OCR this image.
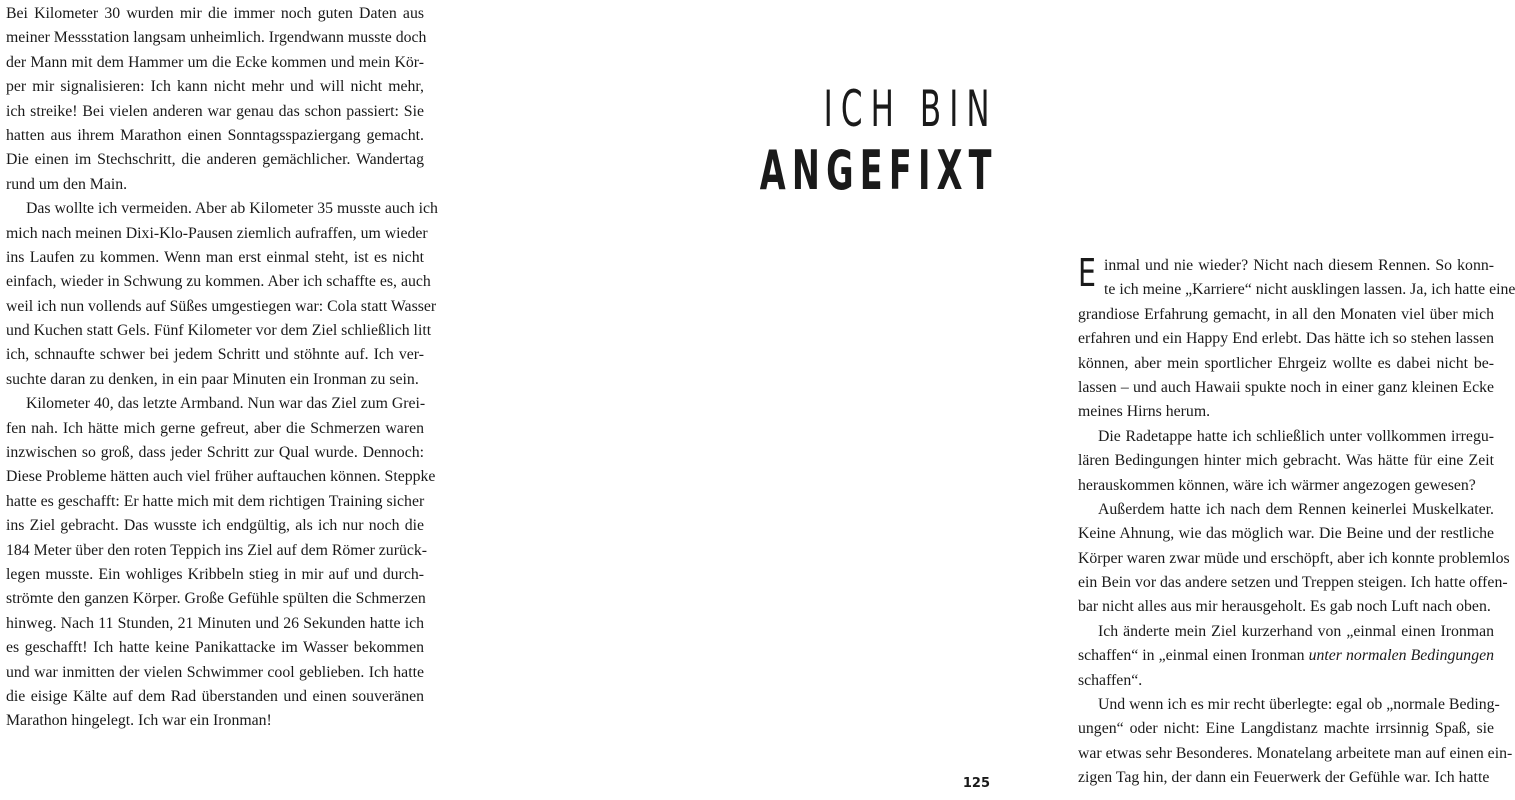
Bei Kilometer 30 wurden mir die immer noch guten Daten aus
meiner Messstation langsam unheimlich. Irgendwann musste doch
der Mann mit dem Hammer um die Ecke kommen und mein Kör-
per mir signalisieren: Ich kann nicht mehr und will nicht mehr,
ich streike! Bei vielen anderen war genau das schon passiert: Sie
hatten aus ihrem Marathon einen Sonntagsspaziergang gemacht.
Die einen im Stechschritt, die anderen gemächlicher. Wandertag
rund um den Main.
Das wollte ich vermeiden. Aber ab Kilometer 35 musste auch ich
mich nach meinen Dixi-Klo-Pausen ziemlich aufraffen, um wieder
ins Laufen zu kommen. Wenn man erst einmal steht, ist es nicht
einfach, wieder in Schwung zu kommen. Aber ich schaffte es, auch
weil ich nun vollends auf Süßes umgestiegen war: Cola statt Wasser
und Kuchen statt Gels. Fünf Kilometer vor dem Ziel schließlich litt
ich, schnaufte schwer bei jedem Schritt und stöhnte auf. Ich ver-
suchte daran zu denken, in ein paar Minuten ein Ironman zu sein.
Kilometer 40, das letzte Armband. Nun war das Ziel zum Grei-
fen nah. Ich hätte mich gerne gefreut, aber die Schmerzen waren
inzwischen so groß, dass jeder Schritt zur Qual wurde. Dennoch:
Diese Probleme hätten auch viel früher auftauchen können. Steppke
hatte es geschafft: Er hatte mich mit dem richtigen Training sicher
ins Ziel gebracht. Das wusste ich endgültig, als ich nur noch die
184 Meter über den roten Teppich ins Ziel auf dem Römer zurück-
legen musste. Ein wohliges Kribbeln stieg in mir auf und durch-
strömte den ganzen Körper. Große Gefühle spülten die Schmerzen
hinweg. Nach 11 Stunden, 21 Minuten und 26 Sekunden hatte ich
es geschafft! Ich hatte keine Panikattacke im Wasser bekommen
und war inmitten der vielen Schwimmer cool geblieben. Ich hatte
die eisige Kälte auf dem Rad überstanden und einen souveränen
Marathon hingelegt. Ich war ein Ironman!
ICH BIN
ANGEFIXT
Einmal und nie wieder? Nicht nach diesem Rennen. So konn-
te ich meine „Karriere“ nicht ausklingen lassen. Ja, ich hatte eine
grandiose Erfahrung gemacht, in all den Monaten viel über mich
erfahren und ein Happy End erlebt. Das hätte ich so stehen lassen
können, aber mein sportlicher Ehrgeiz wollte es dabei nicht be-
lassen – und auch Hawaii spukte noch in einer ganz kleinen Ecke
meines Hirns herum.
Die Radetappe hatte ich schließlich unter vollkommen irregu-
lären Bedingungen hinter mich gebracht. Was hätte für eine Zeit
herauskommen können, wäre ich wärmer angezogen gewesen?
Außerdem hatte ich nach dem Rennen keinerlei Muskelkater.
Keine Ahnung, wie das möglich war. Die Beine und der restliche
Körper waren zwar müde und erschöpft, aber ich konnte problemlos
ein Bein vor das andere setzen und Treppen steigen. Ich hatte offen-
bar nicht alles aus mir herausgeholt. Es gab noch Luft nach oben.
Ich änderte mein Ziel kurzerhand von „einmal einen Ironman
schaffen“ in „einmal einen Ironman unter normalen Bedingungen
schaffen“.
Und wenn ich es mir recht überlegte: egal ob „normale Beding-
ungen“ oder nicht: Eine Langdistanz machte irrsinnig Spaß, sie
war etwas sehr Besonderes. Monatelang arbeitete man auf einen ein-
zigen Tag hin, der dann ein Feuerwerk der Gefühle war. Ich hatte
125
